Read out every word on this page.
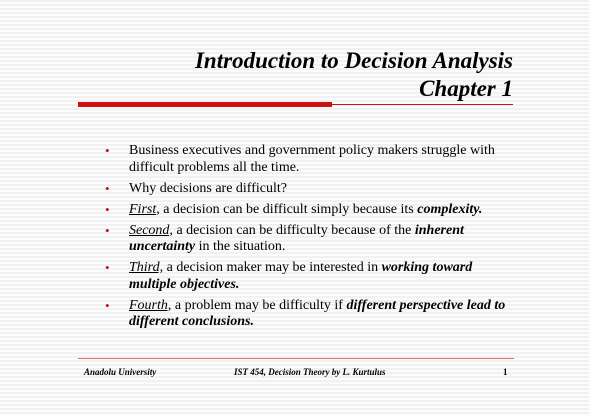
Introduction to Decision Analysis
Chapter 1
• Business executives and government policy makers struggle with difficult problems all the time.
• Why decisions are difficult?
• First, a decision can be difficult simply because its complexity.
• Second, a decision can be difficulty because of the inherent uncertainty in the situation.
• Third, a decision maker may be interested in working toward multiple objectives.
• Fourth, a problem may be difficulty if different perspective lead to different conclusions.
Anadolu University	IST 454, Decision Theory by L. Kurtulus	1
